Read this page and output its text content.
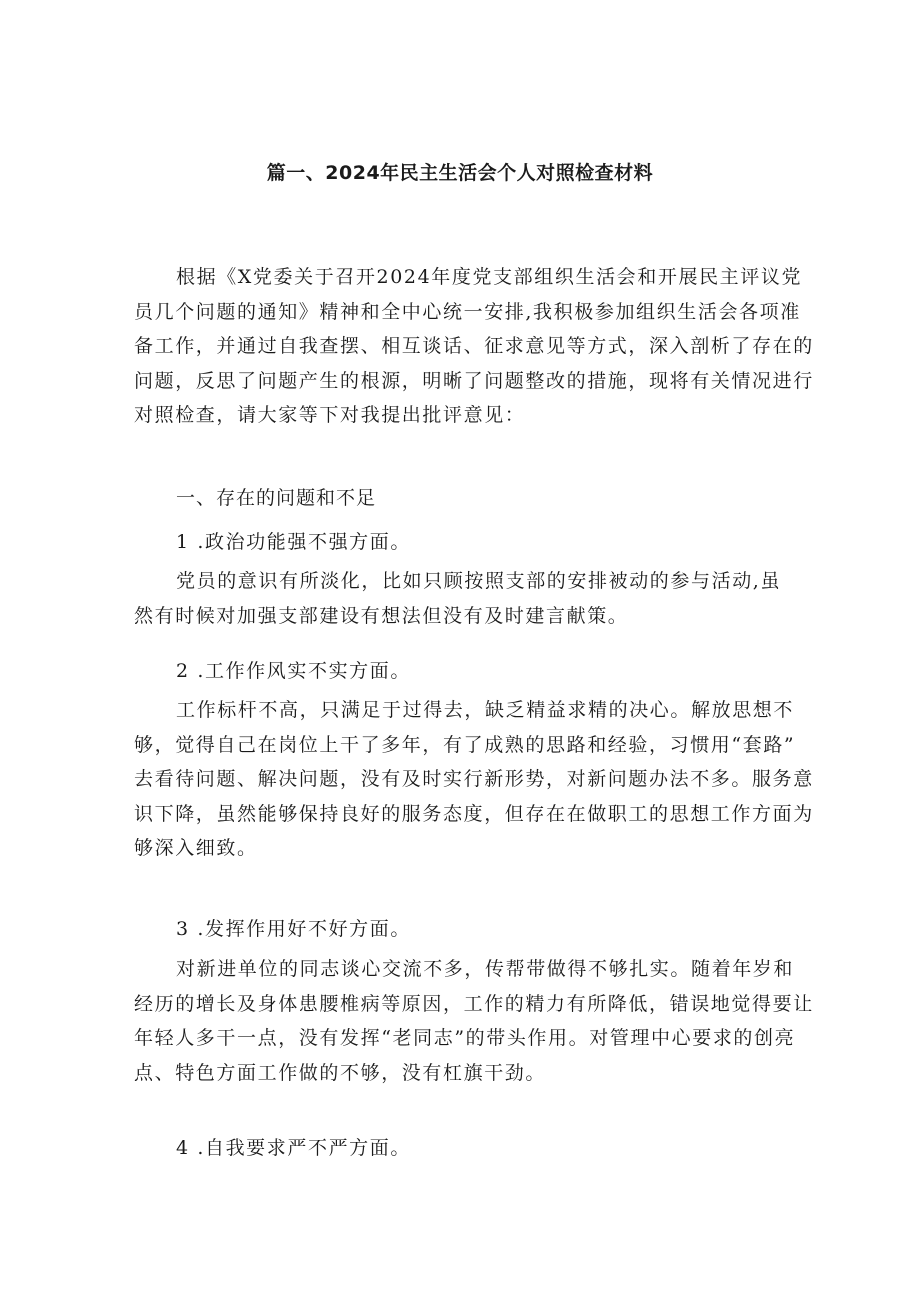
篇一、2024年民主生活会个人对照检查材料
根据《X党委关于召开2024年度党支部组织生活会和开展民主评议党
员几个问题的通知》精神和全中心统一安排,我积极参加组织生活会各项准
备工作，并通过自我查摆、相互谈话、征求意见等方式，深入剖析了存在的
问题，反思了问题产生的根源，明晰了问题整改的措施，现将有关情况进行
对照检查，请大家等下对我提出批评意见：
一、存在的问题和不足
1 .政治功能强不强方面。
党员的意识有所淡化，比如只顾按照支部的安排被动的参与活动,虽
然有时候对加强支部建设有想法但没有及时建言献策。
2 .工作作风实不实方面。
工作标杆不高，只满足于过得去，缺乏精益求精的决心。解放思想不
够，觉得自己在岗位上干了多年，有了成熟的思路和经验，习惯用“套路”
去看待问题、解决问题，没有及时实行新形势，对新问题办法不多。服务意
识下降，虽然能够保持良好的服务态度，但存在在做职工的思想工作方面为
够深入细致。
3 .发挥作用好不好方面。
对新进单位的同志谈心交流不多，传帮带做得不够扎实。随着年岁和
经历的增长及身体患腰椎病等原因，工作的精力有所降低，错误地觉得要让
年轻人多干一点，没有发挥“老同志”的带头作用。对管理中心要求的创亮
点、特色方面工作做的不够，没有杠旗干劲。
4 .自我要求严不严方面。
